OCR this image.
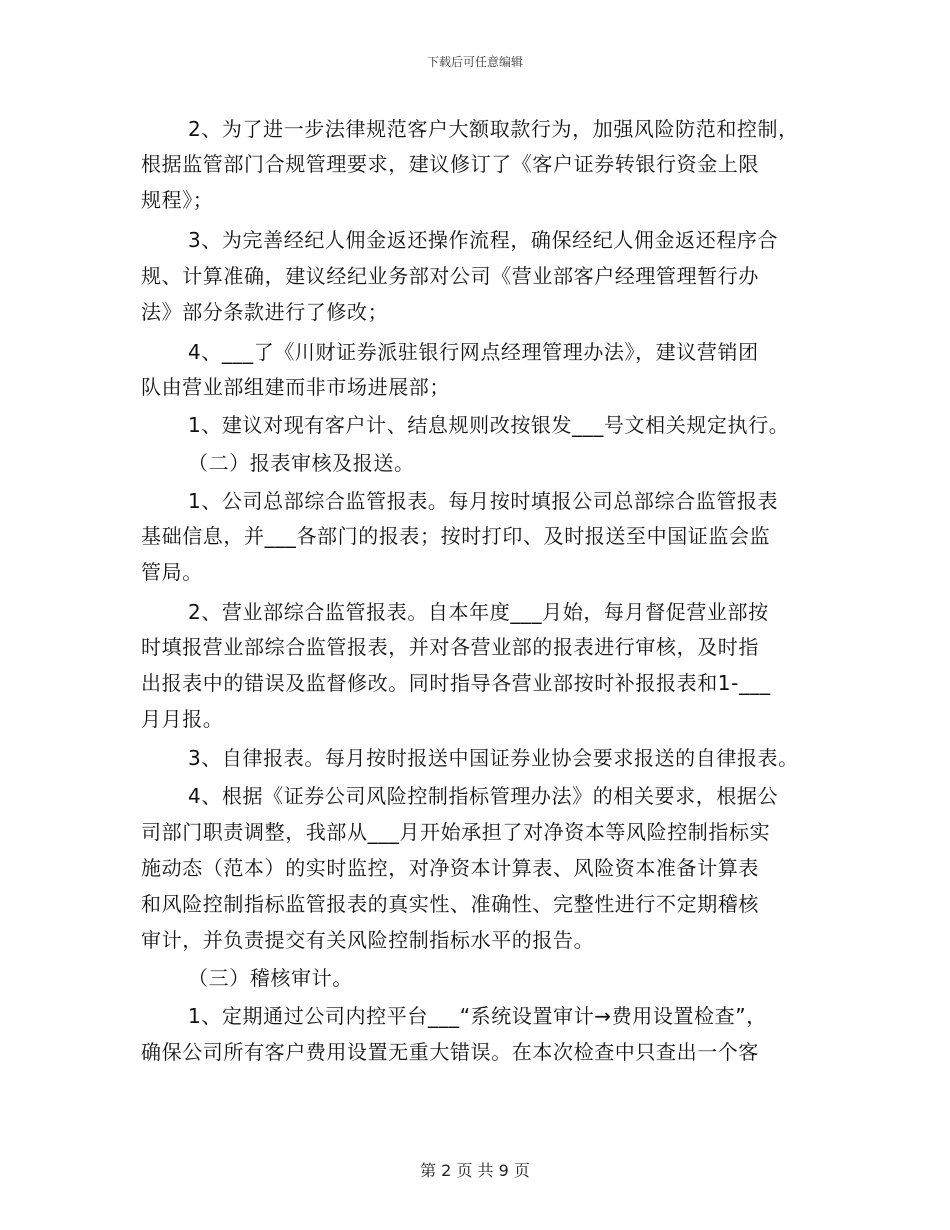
下载后可任意编辑
2、为了进一步法律规范客户大额取款行为，加强风险防范和控制，
根据监管部门合规管理要求，建议修订了《客户证券转银行资金上限
规程》；
3、为完善经纪人佣金返还操作流程，确保经纪人佣金返还程序合
规、计算准确，建议经纪业务部对公司《营业部客户经理管理暂行办
法》部分条款进行了修改；
4、___了《川财证券派驻银行网点经理管理办法》，建议营销团
队由营业部组建而非市场进展部；
1、建议对现有客户计、结息规则改按银发___号文相关规定执行。
（二）报表审核及报送。
1、公司总部综合监管报表。每月按时填报公司总部综合监管报表
基础信息，并___各部门的报表；按时打印、及时报送至中国证监会监
管局。
2、营业部综合监管报表。自本年度___月始，每月督促营业部按
时填报营业部综合监管报表，并对各营业部的报表进行审核，及时指
出报表中的错误及监督修改。同时指导各营业部按时补报报表和1-___
月月报。
3、自律报表。每月按时报送中国证券业协会要求报送的自律报表。
4、根据《证券公司风险控制指标管理办法》的相关要求，根据公
司部门职责调整，我部从___月开始承担了对净资本等风险控制指标实
施动态（范本）的实时监控，对净资本计算表、风险资本准备计算表
和风险控制指标监管报表的真实性、准确性、完整性进行不定期稽核
审计，并负责提交有关风险控制指标水平的报告。
（三）稽核审计。
1、定期通过公司内控平台___“系统设置审计→费用设置检查”，
确保公司所有客户费用设置无重大错误。在本次检查中只查出一个客
第 2 页 共 9 页
